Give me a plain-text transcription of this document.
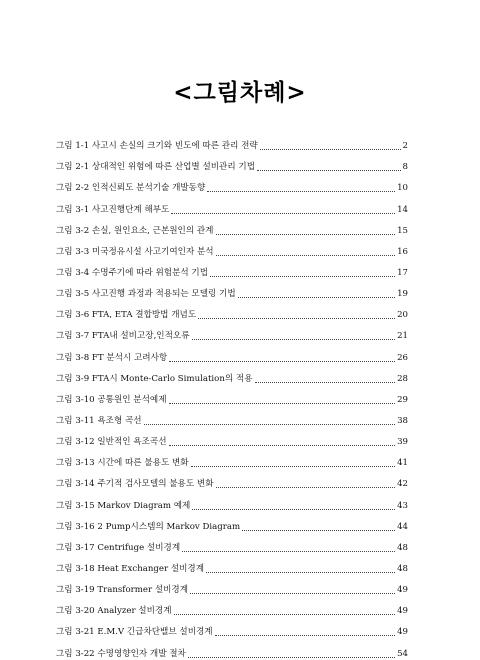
<그림차례>
그림 1-1 사고시 손실의 크기와 빈도에 따른 관리 전략	2
그림 2-1 상대적인 위험에 따른 산업별 설비관리 기법	8
그림 2-2 인적신뢰도 분석기술 개발동향	10
그림 3-1 사고진행단계 해부도	14
그림 3-2 손실, 원인요소, 근본원인의 관계	15
그림 3-3 미국정유시설 사고기여인자 분석	16
그림 3-4 수명주기에 따라 위험분석 기법	17
그림 3-5 사고진행 과정과 적용되는 모델링 기법	19
그림 3-6 FTA, ETA 결합방법 개념도	20
그림 3-7 FTA내 설비고장,인적오류	21
그림 3-8 FT 분석시 고려사항	26
그림 3-9 FTA시 Monte-Carlo Simulation의 적용	28
그림 3-10 공통원인 분석예제	29
그림 3-11 욕조형 곡선	38
그림 3-12 일반적인 욕조곡선	39
그림 3-13 시간에 따른 불용도 변화	41
그림 3-14 주기적 검사모델의 불용도 변화	42
그림 3-15 Markov Diagram 예제	43
그림 3-16 2 Pump시스템의 Markov Diagram	44
그림 3-17 Centrifuge 설비경계	48
그림 3-18 Heat Exchanger 설비경계	48
그림 3-19 Transformer 설비경계	49
그림 3-20 Analyzer 설비경계	49
그림 3-21 E.M.V 긴급차단밸브 설비경계	49
그림 3-22 수명영향인자 개발 절차	54
